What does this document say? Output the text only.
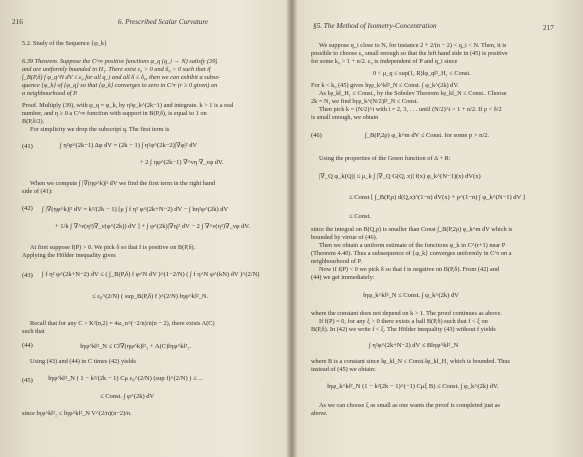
216	6. Prescribed Scalar Curvature
5.2. Study of the Sequence {φ_k}
6.39 Theorem. Suppose the C^∞ positive functions φ_q (q_i → N) satisfy (39)
and are uniformly bounded in H₁. There exist ε₀ > 0 and δ₀ > 0 such that if
∫_B(P,δ) f φ_q^N dV ≤ ε₀ for all q_i and all δ ≤ δ₀, then we can exhibit a subse-
quence {φ_k} of {φ_q} so that {φ_k} converges to zero in C^r (r ≥ 0 given) on
a neighbourhood of P.
Proof. Multiply (39), with φ_q = φ_k, by η²φ_k^(2k−1) and integrate. k > 1 is a real
number, and η ≥ 0 a C^∞ function with support in B(P,δ), is equal to 1 on
B(P,δ/2).
For simplicity we drop the subscript q. The first term is
(41)	∫ η²φ^(2k−1) Δφ dV = (2k − 1) ∫ η²φ^(2k−2)|∇φ|² dV
+ 2 ∫ ηφ^(2k−1) ∇^νη ∇_νφ dV.
When we compute ∫ |∇(ηφ^k)|² dV we find the first term in the right hand
side of (41):
(42) ∫ |∇(ηφ^k)|² dV = k²/(2k − 1) [μ ∫ f η² φ^(2k+N−2) dV − ∫ hη²φ^(2k) dV
+ 1/k ∫ ∇^ν(η²)∇_ν(φ^(2k)) dV ] + ∫ φ^(2k)|∇η|² dV − 2 ∫ ∇^ν(η²)∇_νφ dV.
At first suppose f(P) > 0. We pick δ so that f is positive on B(P,δ).
Applying the Hölder inequality gives
(43) ∫ f η² φ^(2k+N−2) dV ≤ ( ∫_B(P,δ) f φ^N dV )^(1−2/N) ( ∫ f η^N φ^(kN) dV )^(2/N)
≤ ε₀^(2/N) ( sup_B(P,δ) f )^(2/N) ‖ηφ^k‖²_N.
Recall that for any C > K²(n,2) = 4ω_n^(−2/n)/n(n − 2), there exists A(C)
such that
(44)	‖ηφ^k‖²_N ≤ C‖∇(ηφ^k)‖²₂ + A(C)‖ηφ^k‖²₂.
Using (43) and (44) in C times (42) yields
(45) ‖ηφ^k‖²_N ( 1 − k²/(2k − 1) Cμ ε₀^(2/N) (sup f)^(2/N) ) ≤ ...
≤ Const. ∫ φ^(2k) dV
since ‖ηφ^k‖²₂ ≤ ‖ηφ^k‖²_N V^(2/n)(n−2)/n.
§5. The Method of Isometry-Concentration	217
We suppose q_i close to N, for instance 2 + 2/(n − 2) < q_i < N. Then, it is
possible to choose ε₀ small enough so that the left hand side in (45) is positive
for some k₀ > 1 + n/2. ε₀ is independent of P and q_i since
0 < μ_q ≤ sup(1, R)‖φ_q‖²_H₁ ≤ Const.
For k < k₀ (45) gives ‖ηφ_k^k‖²_N ≤ Const. ∫ φ_k^(2k) dV.
As ‖φ_k‖_H₁ ≤ Const., by the Sobolev Theorem ‖φ_k‖_N ≤ Const.. Choose
2k = N, we find ‖ηφ_k^(N/2)‖²_N ≤ Const.
Then pick k = (N/2)^i with i = 2, 3, . . . until (N/2)^i > 1 + n/2. If ρ < δ/2
is small enough, we obtain
(46)	∫_B(P,2ρ) φ_k^m dV ≤ Const. for some p > n/2.
Using the properties of the Green function of Δ + R:
|∇_Q φ_k(Q)| ≤ μ_k ∫ |∇_Q G(Q, x)| f(x) φ_k^(N−1)(x) dV(x)
≤ Const [ ∫_B(P,ρ) d(Q,x)^(1−n) dV(x) + ρ^(1−n) ∫ φ_k^(N−1) dV ]
≤ Const.
since the integral on B(Q,ρ) is smaller than Const ∫_B(P,2ρ) φ_k^m dV which is
bounded by virtue of (46).
Then we obtain a uniform estimate of the functions φ_k in C^(r+1) near P
(Theorem 4.40). Thus a subsequence of {φ_k} converges uniformly in C^r on a
neighbourhood of P.
Now if f(P) < 0 we pick δ so that f is negative on B(P,δ). From (42) and
(44) we get immediately:
‖ηφ_k^k‖²_N ≤ Const. ∫ φ_k^(2k) dV
where the constant does not depend on k > 1. The proof continues as above.
If f(P) = 0, for any ξ > 0 there exists a ball B(P,δ) such that f < ξ on
B(P,δ). In (42) we write f < ξ. The Hölder inequality (43) without f yields
∫ η²φ^(2k+N−2) dV ≤ B‖ηφ^k‖²_N
where B is a constant since ‖φ_k‖_N ≤ Const.‖φ_k‖_H₁ which is bounded. Thus
instead of (45) we obtain:
‖ηφ_k^k‖²_N (1 − k²(2k − 1)^(−1) Cμξ B) ≤ Const. ∫ φ_k^(2k) dV.
As we can choose ξ as small as one wants the proof is completed just as
above.
